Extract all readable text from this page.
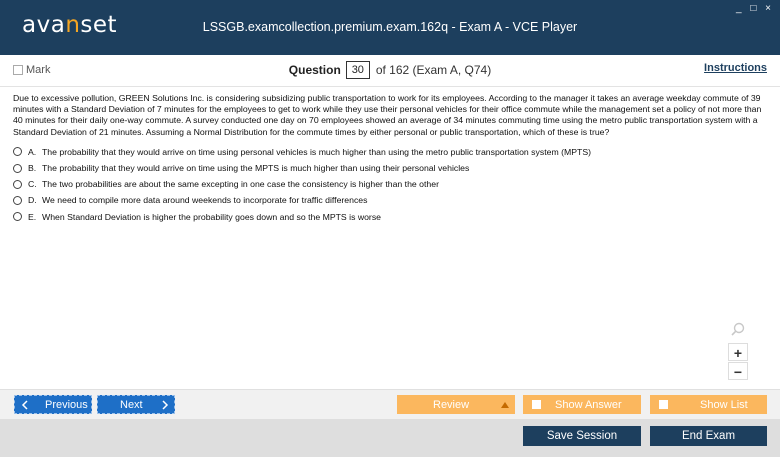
avanset	LSSGB.examcollection.premium.exam.162q - Exam A - VCE Player
_ □ ×
Mark	Question 30 of 162 (Exam A, Q74)	Instructions
Due to excessive pollution, GREEN Solutions Inc. is considering subsidizing public transportation to work for its employees. According to the manager it takes an average weekday commute of 39 minutes with a Standard Deviation of 7 minutes for the employees to get to work while they use their personal vehicles for their office commute while the management set a policy of not more than 40 minutes for their daily one-way commute. A survey conducted one day on 70 employees showed an average of 34 minutes commuting time using the metro public transportation system with a Standard Deviation of 21 minutes. Assuming a Normal Distribution for the commute times by either personal or public transportation, which of these is true?
A. The probability that they would arrive on time using personal vehicles is much higher than using the metro public transportation system (MPTS)
B. The probability that they would arrive on time using the MPTS is much higher than using their personal vehicles
C. The two probabilities are about the same excepting in one case the consistency is higher than the other
D. We need to compile more data around weekends to incorporate for traffic differences
E. When Standard Deviation is higher the probability goes down and so the MPTS is worse
+
−
Previous	Next	Review	Show Answer	Show List
Save Session	End Exam
